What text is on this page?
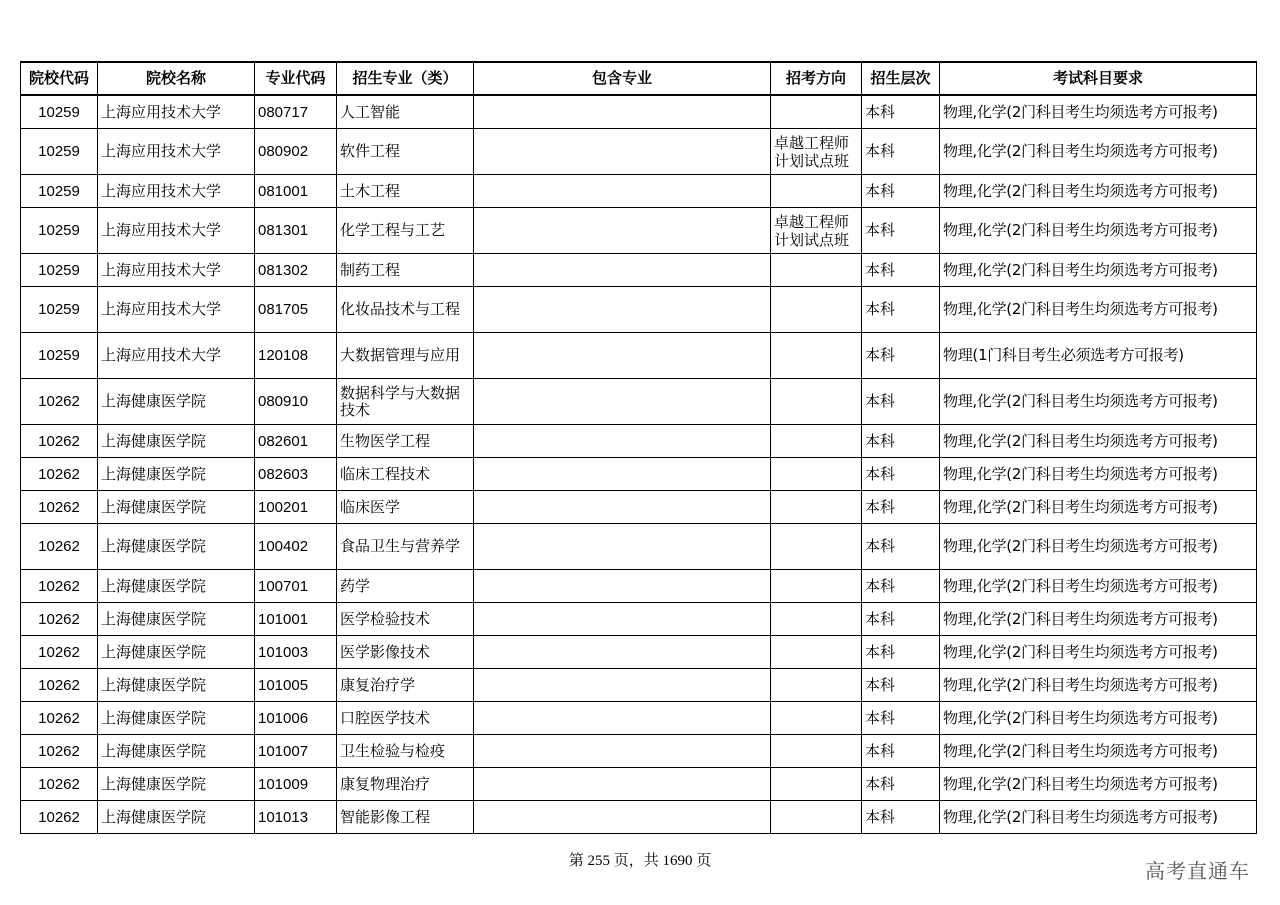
院校代码	院校名称	专业代码	招生专业（类）	包含专业	招考方向	招生层次	考试科目要求
10259	上海应用技术大学	080717	人工智能			本科	物理,化学(2门科目考生均须选考方可报考)
10259	上海应用技术大学	080902	软件工程		卓越工程师计划试点班	本科	物理,化学(2门科目考生均须选考方可报考)
10259	上海应用技术大学	081001	土木工程			本科	物理,化学(2门科目考生均须选考方可报考)
10259	上海应用技术大学	081301	化学工程与工艺		卓越工程师计划试点班	本科	物理,化学(2门科目考生均须选考方可报考)
10259	上海应用技术大学	081302	制药工程			本科	物理,化学(2门科目考生均须选考方可报考)
10259	上海应用技术大学	081705	化妆品技术与工程			本科	物理,化学(2门科目考生均须选考方可报考)
10259	上海应用技术大学	120108	大数据管理与应用			本科	物理(1门科目考生必须选考方可报考)
10262	上海健康医学院	080910	数据科学与大数据技术			本科	物理,化学(2门科目考生均须选考方可报考)
10262	上海健康医学院	082601	生物医学工程			本科	物理,化学(2门科目考生均须选考方可报考)
10262	上海健康医学院	082603	临床工程技术			本科	物理,化学(2门科目考生均须选考方可报考)
10262	上海健康医学院	100201	临床医学			本科	物理,化学(2门科目考生均须选考方可报考)
10262	上海健康医学院	100402	食品卫生与营养学			本科	物理,化学(2门科目考生均须选考方可报考)
10262	上海健康医学院	100701	药学			本科	物理,化学(2门科目考生均须选考方可报考)
10262	上海健康医学院	101001	医学检验技术			本科	物理,化学(2门科目考生均须选考方可报考)
10262	上海健康医学院	101003	医学影像技术			本科	物理,化学(2门科目考生均须选考方可报考)
10262	上海健康医学院	101005	康复治疗学			本科	物理,化学(2门科目考生均须选考方可报考)
10262	上海健康医学院	101006	口腔医学技术			本科	物理,化学(2门科目考生均须选考方可报考)
10262	上海健康医学院	101007	卫生检验与检疫			本科	物理,化学(2门科目考生均须选考方可报考)
10262	上海健康医学院	101009	康复物理治疗			本科	物理,化学(2门科目考生均须选考方可报考)
10262	上海健康医学院	101013	智能影像工程			本科	物理,化学(2门科目考生均须选考方可报考)
第 255 页，共 1690 页	高考直通车
